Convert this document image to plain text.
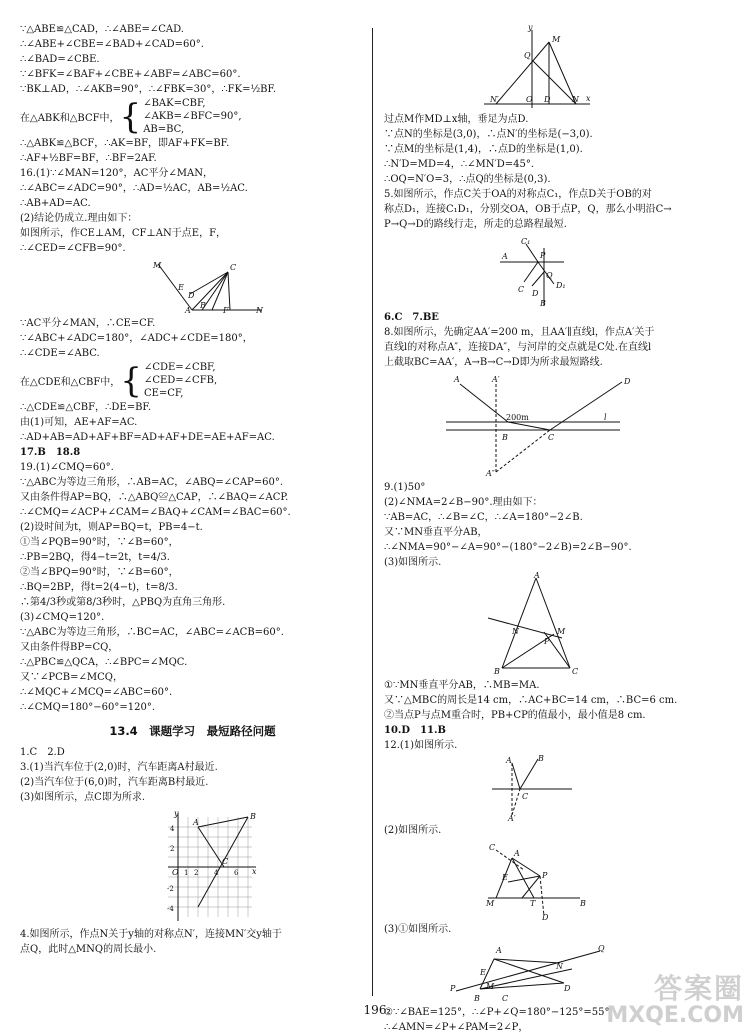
∵△ABE≌△CAD，∴∠ABE=∠CAD.

∴∠ABE+∠CBE=∠BAD+∠CAD=60°.

∴∠BAD=∠CBE.

∵∠BFK=∠BAF+∠CBE+∠ABF=∠ABC=60°.

∵BK⊥AD，∴∠AKB=90°，∴∠FBK=30°，∴FK=½BF.

在△ABK和△BCF中， { ∠BAK=CBF,

∠AKB=∠BFC=90°,

AB=BC,

∴△ABK≌△BCF，∴AK=BF，即AF+FK=BF.

∴AF+½BF=BF，∴BF=2AF.

16.(1)∵∠MAN=120°，AC平分∠MAN，

∴∠ABC=∠ADC=90°，∴AD=½AC，AB=½AC.

∴AB+AD=AC.

(2)结论仍成立.理由如下：

如图所示，作CE⊥AM，CF⊥AN于点E，F，

∴∠CED=∠CFB=90°.

M
A
B
C
D
E
F	N

∵AC平分∠MAN，∴CE=CF.

∵∠ABC+∠ADC=180°，∠ADC+∠CDE=180°，

∴∠CDE=∠ABC.

在△CDE和△CBF中， { ∠CDE=∠CBF,

∠CED=∠CFB,

CE=CF,

∴△CDE≌△CBF，∴DE=BF.

由(1)可知，AE+AF=AC.

∴AD+AB=AD+AF+BF=AD+AF+DE=AE+AF=AC.

17.B　18.8

19.(1)∠CMQ=60°.

∵△ABC为等边三角形，∴AB=AC，∠ABQ=∠CAP=60°.

又由条件得AP=BQ，∴△ABQ≌△CAP，∴∠BAQ=∠ACP.

∴∠CMQ=∠ACP+∠CAM=∠BAQ+∠CAM=∠BAC=60°.

(2)设时间为t，则AP=BQ=t，PB=4−t.

①当∠PQB=90°时，∵∠B=60°，

∴PB=2BQ，得4−t=2t，t=4/3.

②当∠BPQ=90°时，∵∠B=60°，

∴BQ=2BP，得t=2(4−t)，t=8/3.

∴第4/3秒或第8/3秒时，△PBQ为直角三角形.

(3)∠CMQ=120°.

∵△ABC为等边三角形，∴BC=AC，∠ABC=∠ACB=60°.

又由条件得BP=CQ，

∴△PBC≌△QCA，∴∠BPC=∠MQC.

又∵∠PCB=∠MCQ，

∴∠MQC+∠MCQ=∠ABC=60°.

∴∠CMQ=180°−60°=120°.

13.4　课题学习　最短路径问题

1.C　2.D

3.(1)当汽车位于(2,0)时，汽车距离A村最近.

(2)当汽车位于(6,0)时，汽车距离B村最近.

(3)如图所示，点C即为所求.

4
2
-2
-4
1 2 4 6
y
x
A
B
C
O

4.如图所示，作点N关于y轴的对称点N′，连接MN′交y轴于

点Q，此时△MNQ的周长最小.

y
x
M
Q
N′	O D	N

过点M作MD⊥x轴，垂足为点D.

∵点N的坐标是(3,0)，∴点N′的坐标是(−3,0).

∵点M的坐标是(1,4)，∴点D的坐标是(1,0).

∴N′D=MD=4，∴∠MN′D=45°.

∴OQ=N′O=3，∴点Q的坐标是(0,3).

5.如图所示，作点C关于OA的对称点C₁，作点D关于OB的对

称点D₁，连接C₁D₁，分别交OA，OB于点P，Q，那么小明沿C→

P→Q→D的路线行走，所走的总路程最短.

A
C₁
P
Q
C D
D₁
B

6.C　7.BE

8.如图所示，先确定AA′=200 m，且AA′∥直线l，作点A′关于

直线l的对称点A″，连接DA″，与河岸的交点就是C处.在直线l

上截取BC=AA′，A→B→C→D即为所求最短路线.

A	A′	D
200m	l
B	C
A″

9.(1)50°

(2)∠NMA=2∠B−90°.理由如下：

∵AB=AC，∴∠B=∠C，∴∠A=180°−2∠B.

又∵MN垂直平分AB，

∴∠NMA=90°−∠A=90°−(180°−2∠B)=2∠B−90°.

(3)如图所示.

A
N	M
P
B	C

①∵MN垂直平分AB，∴MB=MA.

又∵△MBC的周长是14 cm，∴AC+BC=14 cm，∴BC=6 cm.

②当点P与点M重合时，PB+CP的值最小，最小值是8 cm.

10.D　11.B

12.(1)如图所示.

A	B
C
A′

(2)如图所示.

C
A
E	P
M	T	B
D

(3)①如图所示.

A
E
M
P
Q
B	C
N
D

②∵∠BAE=125°，∴∠P+∠Q=180°−125°=55°.

∴∠AMN=∠P+∠PAM=2∠P，

196
答案圈
MXQE.COM
